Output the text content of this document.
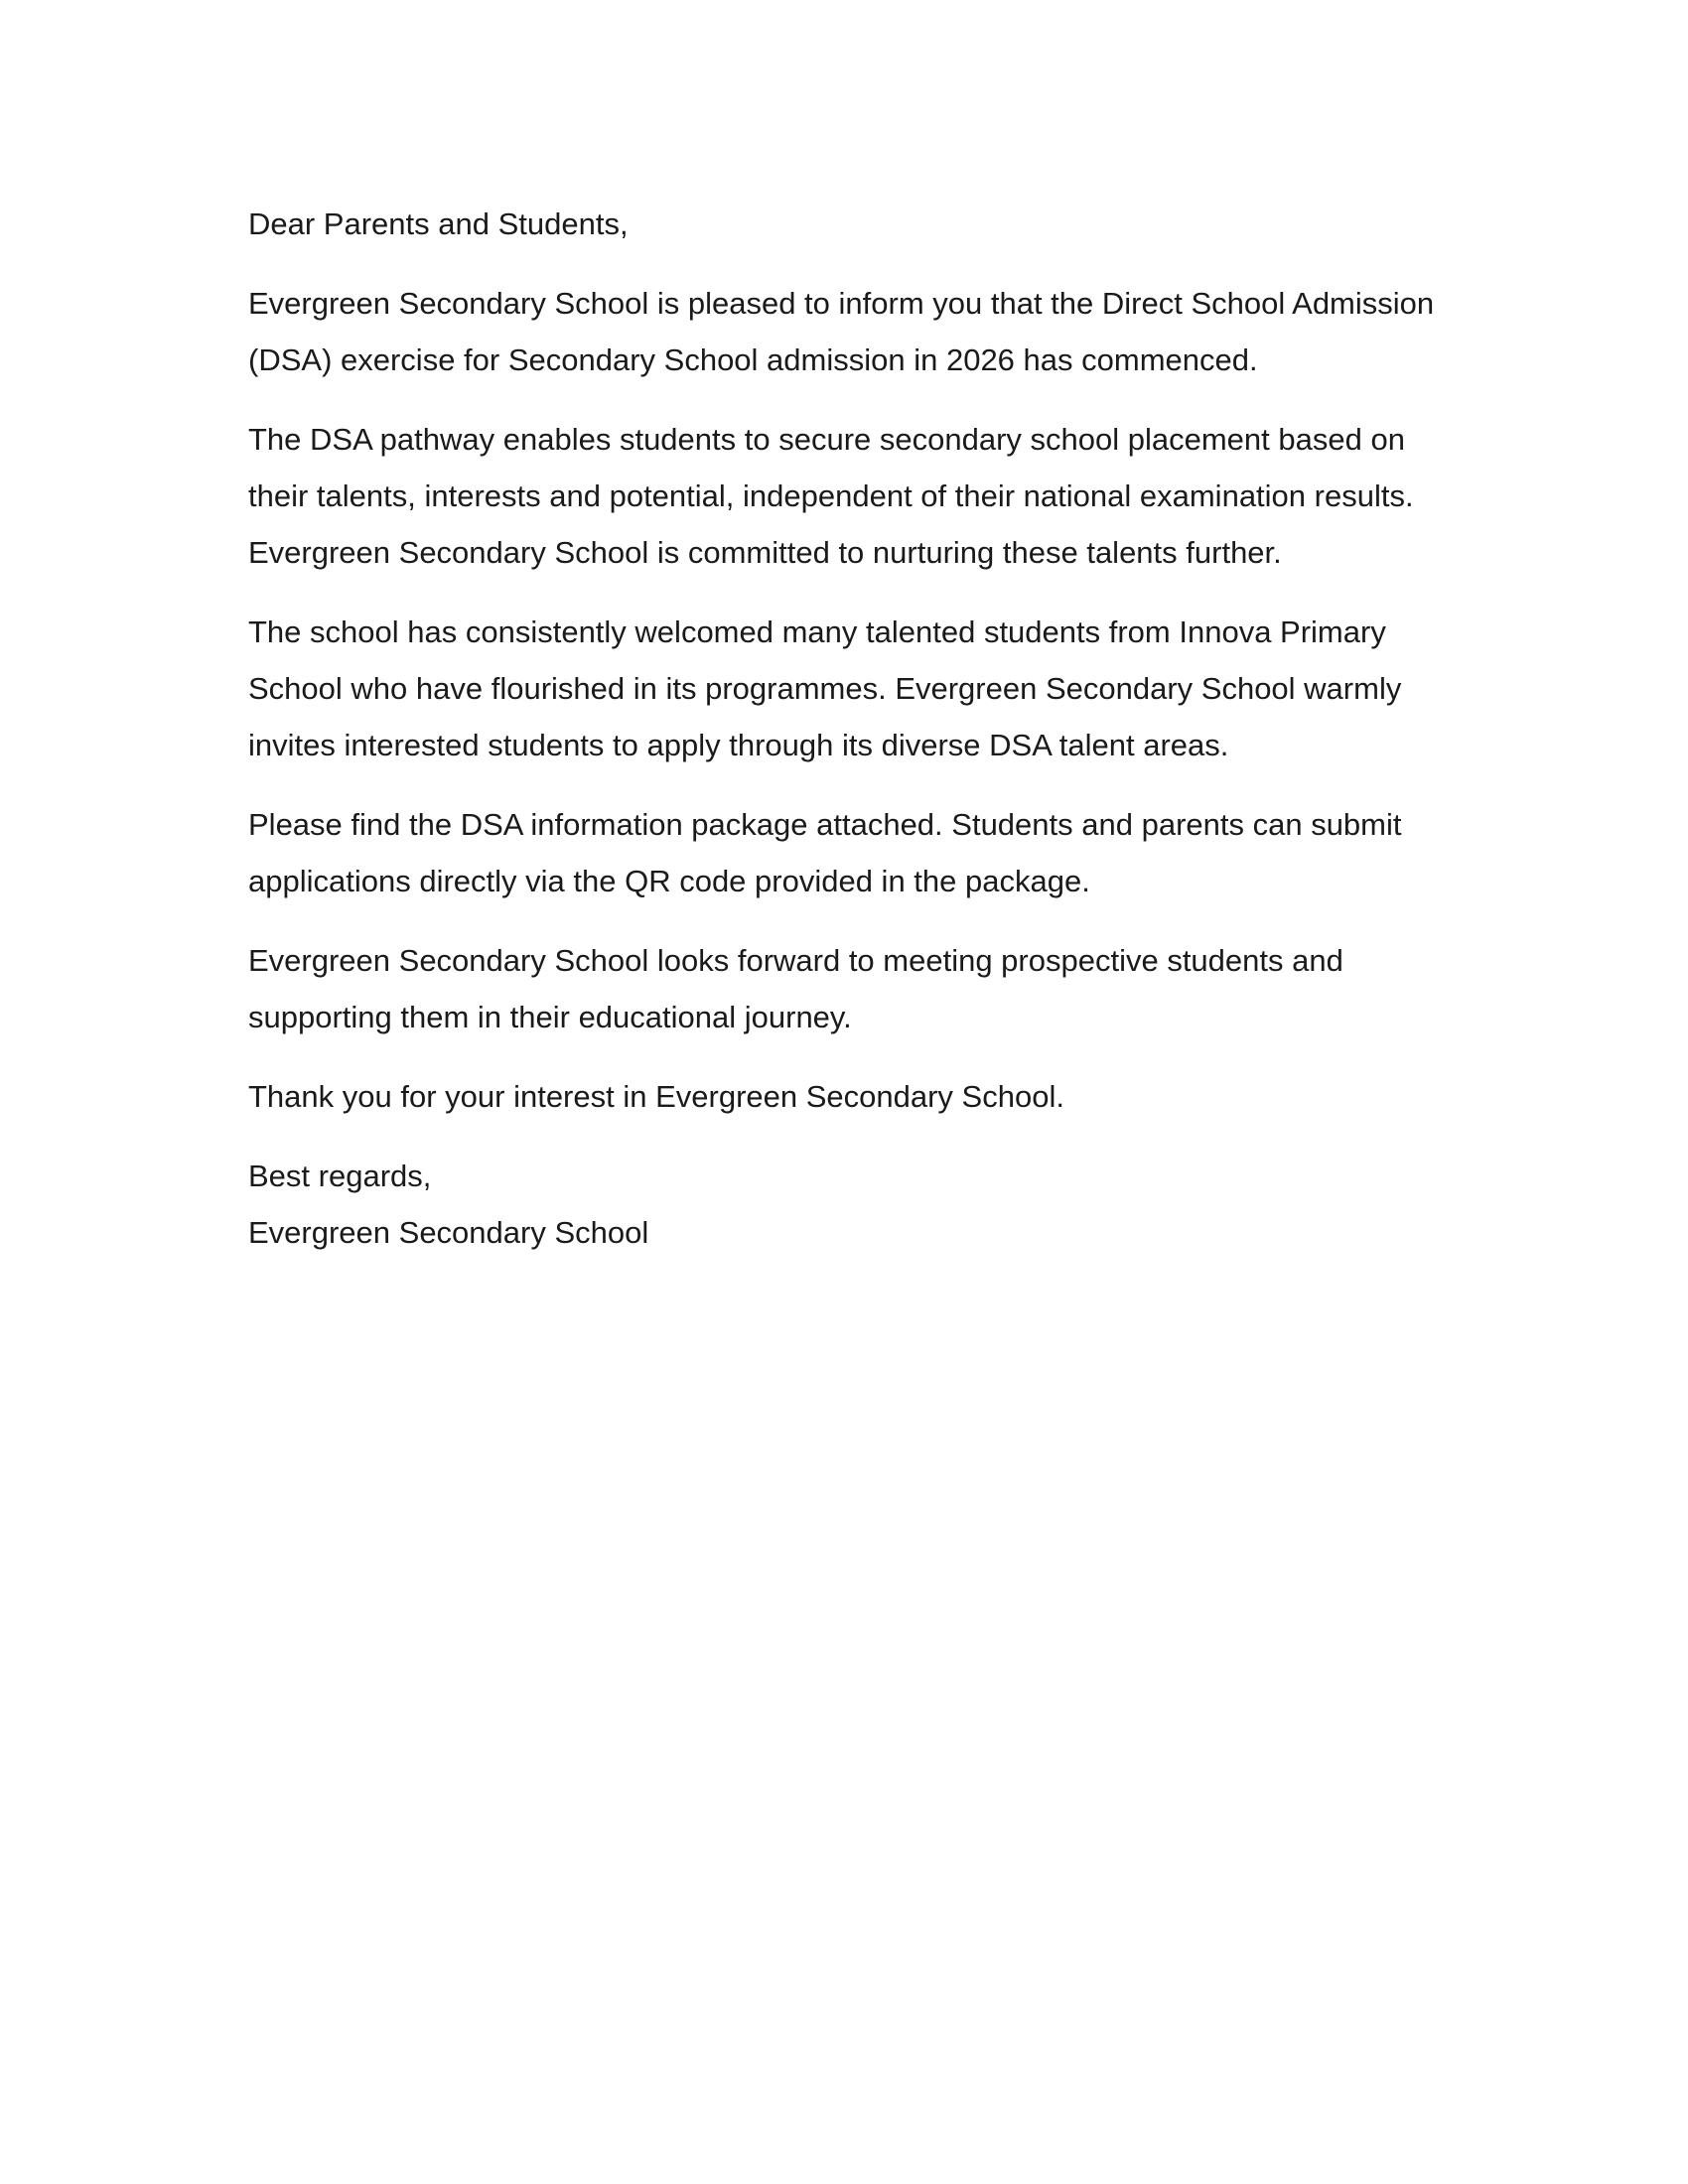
Dear Parents and Students,

Evergreen Secondary School is pleased to inform you that the Direct School Admission (DSA) exercise for Secondary School admission in 2026 has commenced.

The DSA pathway enables students to secure secondary school placement based on their talents, interests and potential, independent of their national examination results. Evergreen Secondary School is committed to nurturing these talents further.

The school has consistently welcomed many talented students from Innova Primary School who have flourished in its programmes. Evergreen Secondary School warmly invites interested students to apply through its diverse DSA talent areas.

Please find the DSA information package attached. Students and parents can submit applications directly via the QR code provided in the package.

Evergreen Secondary School looks forward to meeting prospective students and supporting them in their educational journey.

Thank you for your interest in Evergreen Secondary School.

Best regards,

Evergreen Secondary School
